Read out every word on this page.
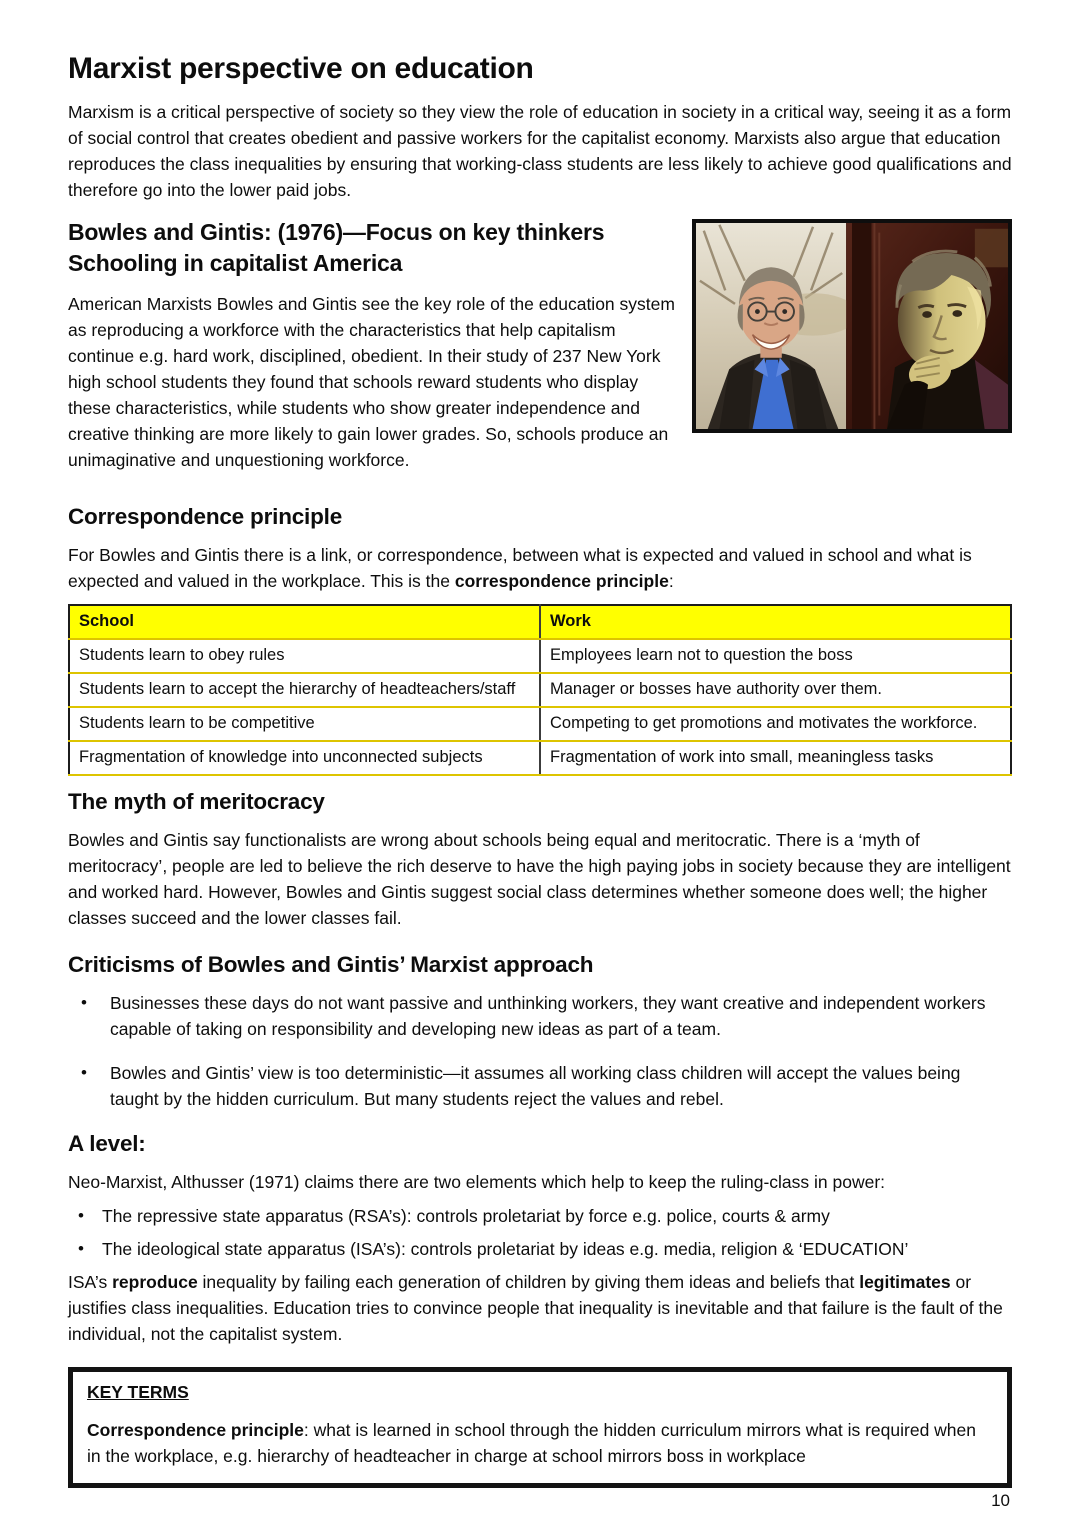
Marxist perspective on education

Marxism is a critical perspective of society so they view the role of education in society in a critical way, seeing it as a form of social control that creates obedient and passive workers for the capitalist economy. Marxists also argue that education reproduces the class inequalities by ensuring that working-class students are less likely to achieve good qualifications and therefore go into the lower paid jobs.

Bowles and Gintis: (1976)—Focus on key thinkers
Schooling in capitalist America

American Marxists Bowles and Gintis see the key role of the education system as reproducing a workforce with the characteristics that help capitalism continue e.g. hard work, disciplined, obedient. In their study of 237 New York high school students they found that schools reward students who display these characteristics, while students who show greater independence and creative thinking are more likely to gain lower grades. So, schools produce an unimaginative and unquestioning workforce.

Correspondence principle

For Bowles and Gintis there is a link, or correspondence, between what is expected and valued in school and what is expected and valued in the workplace. This is the correspondence principle:

School	Work
Students learn to obey rules	Employees learn not to question the boss
Students learn to accept the hierarchy of headteachers/staff	Manager or bosses have authority over them.
Students learn to be competitive	Competing to get promotions and motivates the workforce.
Fragmentation of knowledge into unconnected subjects	Fragmentation of work into small, meaningless tasks
The myth of meritocracy

Bowles and Gintis say functionalists are wrong about schools being equal and meritocratic. There is a ‘myth of meritocracy’, people are led to believe the rich deserve to have the high paying jobs in society because they are intelligent and worked hard. However, Bowles and Gintis suggest social class determines whether someone does well; the higher classes succeed and the lower classes fail.

Criticisms of Bowles and Gintis’ Marxist approach
•	Businesses these days do not want passive and unthinking workers, they want creative and independent workers capable of taking on responsibility and developing new ideas as part of a team.
•	Bowles and Gintis’ view is too deterministic—it assumes all working class children will accept the values being taught by the hidden curriculum. But many students reject the values and rebel.
A level:

Neo-Marxist, Althusser (1971) claims there are two elements which help to keep the ruling-class in power:

•	The repressive state apparatus (RSA’s): controls proletariat by force e.g. police, courts & army
•	The ideological state apparatus (ISA’s): controls proletariat by ideas e.g. media, religion & ‘EDUCATION’

ISA’s reproduce inequality by failing each generation of children by giving them ideas and beliefs that legitimates or justifies class inequalities. Education tries to convince people that inequality is inevitable and that failure is the fault of the individual, not the capitalist system.

KEY TERMS

Correspondence principle: what is learned in school through the hidden curriculum mirrors what is required when in the workplace, e.g. hierarchy of headteacher in charge at school mirrors boss in workplace

10
